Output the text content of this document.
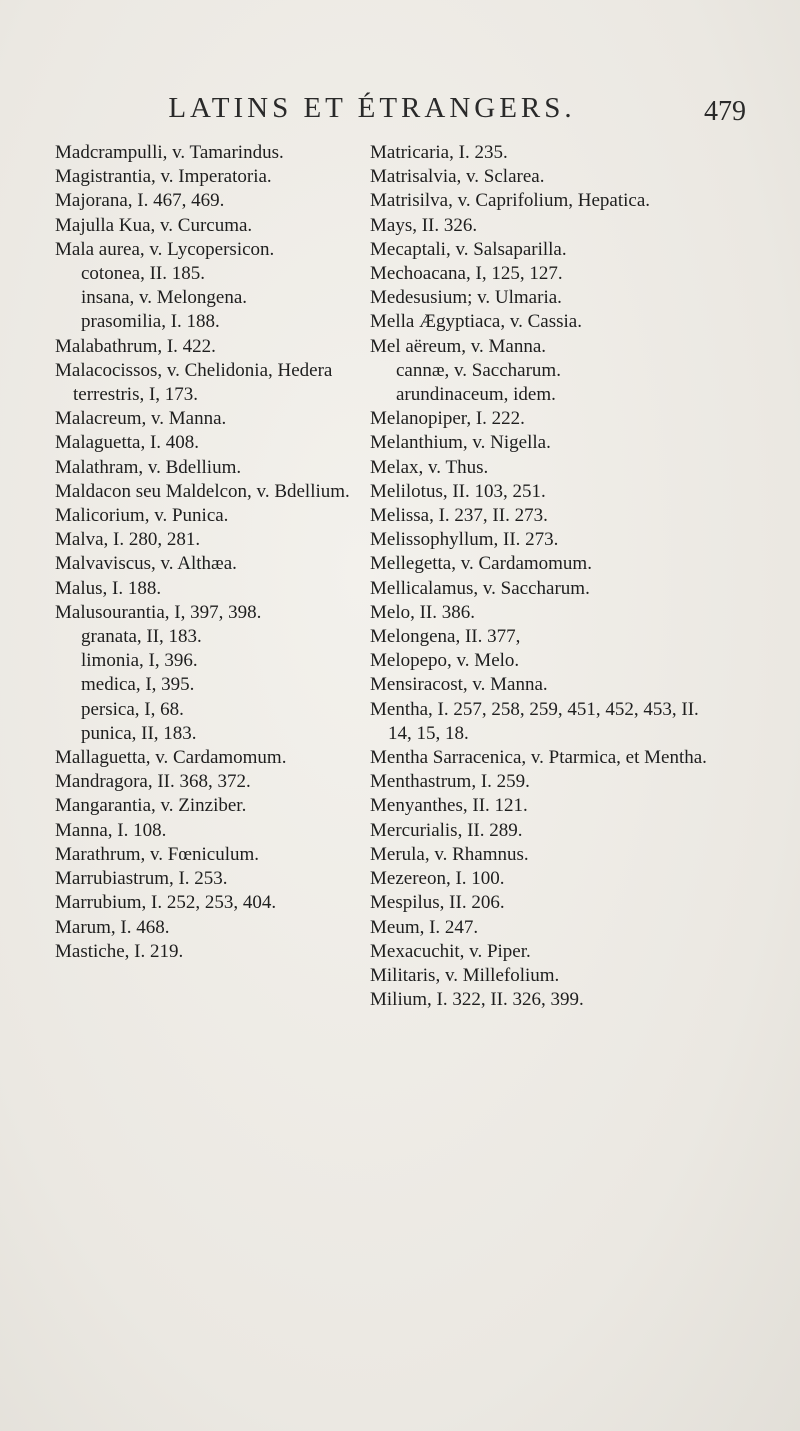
LATINS ET ÉTRANGERS.	479

Madcrampulli, v. Tamarindus.

Magistrantia, v. Imperatoria.

Majorana, I. 467, 469.

Majulla Kua, v. Curcuma.

Mala aurea, v. Lycopersicon.

cotonea, II. 185.

insana, v. Melongena.

prasomilia, I. 188.

Malabathrum, I. 422.

Malacocissos, v. Chelidonia, Hedera terrestris, I, 173.

Malacreum, v. Manna.

Malaguetta, I. 408.

Malathram, v. Bdellium.

Maldacon seu Maldelcon, v. Bdellium.

Malicorium, v. Punica.

Malva, I. 280, 281.

Malvaviscus, v. Althæa.

Malus, I. 188.

Malusourantia, I, 397, 398.

granata, II, 183.

limonia, I, 396.

medica, I, 395.

persica, I, 68.

punica, II, 183.

Mallaguetta, v. Cardamomum.

Mandragora, II. 368, 372.

Mangarantia, v. Zinziber.

Manna, I. 108.

Marathrum, v. Fœniculum.

Marrubiastrum, I. 253.

Marrubium, I. 252, 253, 404.

Marum, I. 468.

Mastiche, I. 219.

Matricaria, I. 235.

Matrisalvia, v. Sclarea.

Matrisilva, v. Caprifolium, Hepatica.

Mays, II. 326.

Mecaptali, v. Salsaparilla.

Mechoacana, I, 125, 127.

Medesusium; v. Ulmaria.

Mella Ægyptiaca, v. Cassia.

Mel aëreum, v. Manna.

cannæ, v. Saccharum.

arundinaceum, idem.

Melanopiper, I. 222.

Melanthium, v. Nigella.

Melax, v. Thus.

Melilotus, II. 103, 251.

Melissa, I. 237, II. 273.

Melissophyllum, II. 273.

Mellegetta, v. Cardamomum.

Mellicalamus, v. Saccharum.

Melo, II. 386.

Melongena, II. 377,

Melopepo, v. Melo.

Mensiracost, v. Manna.

Mentha, I. 257, 258, 259, 451, 452, 453, II. 14, 15, 18.

Mentha Sarracenica, v. Ptarmica, et Mentha.

Menthastrum, I. 259.

Menyanthes, II. 121.

Mercurialis, II. 289.

Merula, v. Rhamnus.

Mezereon, I. 100.

Mespilus, II. 206.

Meum, I. 247.

Mexacuchit, v. Piper.

Militaris, v. Millefolium.

Milium, I. 322, II. 326, 399.
